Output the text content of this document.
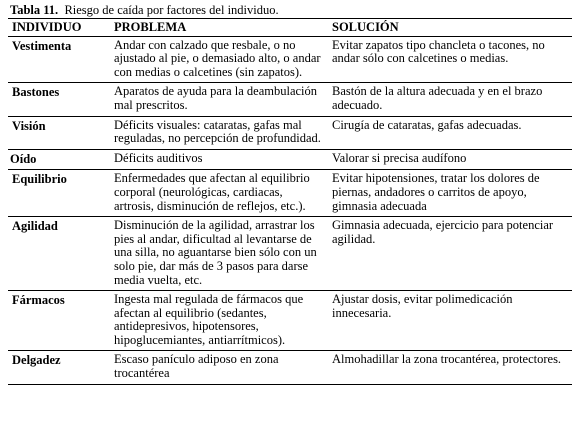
Tabla 11. Riesgo de caída por factores del individuo.
INDIVIDUO	PROBLEMA	SOLUCIÓN
Vestimenta	Andar con calzado que resbale, o no ajustado al pie, o demasiado alto, o andar con medias o calcetines (sin zapatos).	Evitar zapatos tipo chancleta o tacones, no andar sólo con calcetines o medias.
Bastones	Aparatos de ayuda para la deambulación mal prescritos.	Bastón de la altura adecuada y en el brazo adecuado.
Visión	Déficits visuales: cataratas, gafas mal reguladas, no percepción de profundidad.	Cirugía de cataratas, gafas adecuadas.
Oído	Déficits auditivos	Valorar si precisa audífono
Equilibrio	Enfermedades que afectan al equilibrio corporal (neurológicas, cardiacas, artrosis, disminución de reflejos, etc.).	Evitar hipotensiones, tratar los dolores de piernas, andadores o carritos de apoyo, gimnasia adecuada
Agilidad	Disminución de la agilidad, arrastrar los pies al andar, dificultad al levantarse de una silla, no aguantarse bien sólo con un solo pie, dar más de 3 pasos para darse media vuelta, etc.	Gimnasia adecuada, ejercicio para potenciar agilidad.
Fármacos	Ingesta mal regulada de fármacos que afectan al equilibrio (sedantes, antidepresivos, hipotensores, hipoglucemiantes, antiarrítmicos).	Ajustar dosis, evitar polimedicación innecesaria.
Delgadez	Escaso panículo adiposo en zona trocantérea	Almohadillar la zona trocantérea, protectores.
